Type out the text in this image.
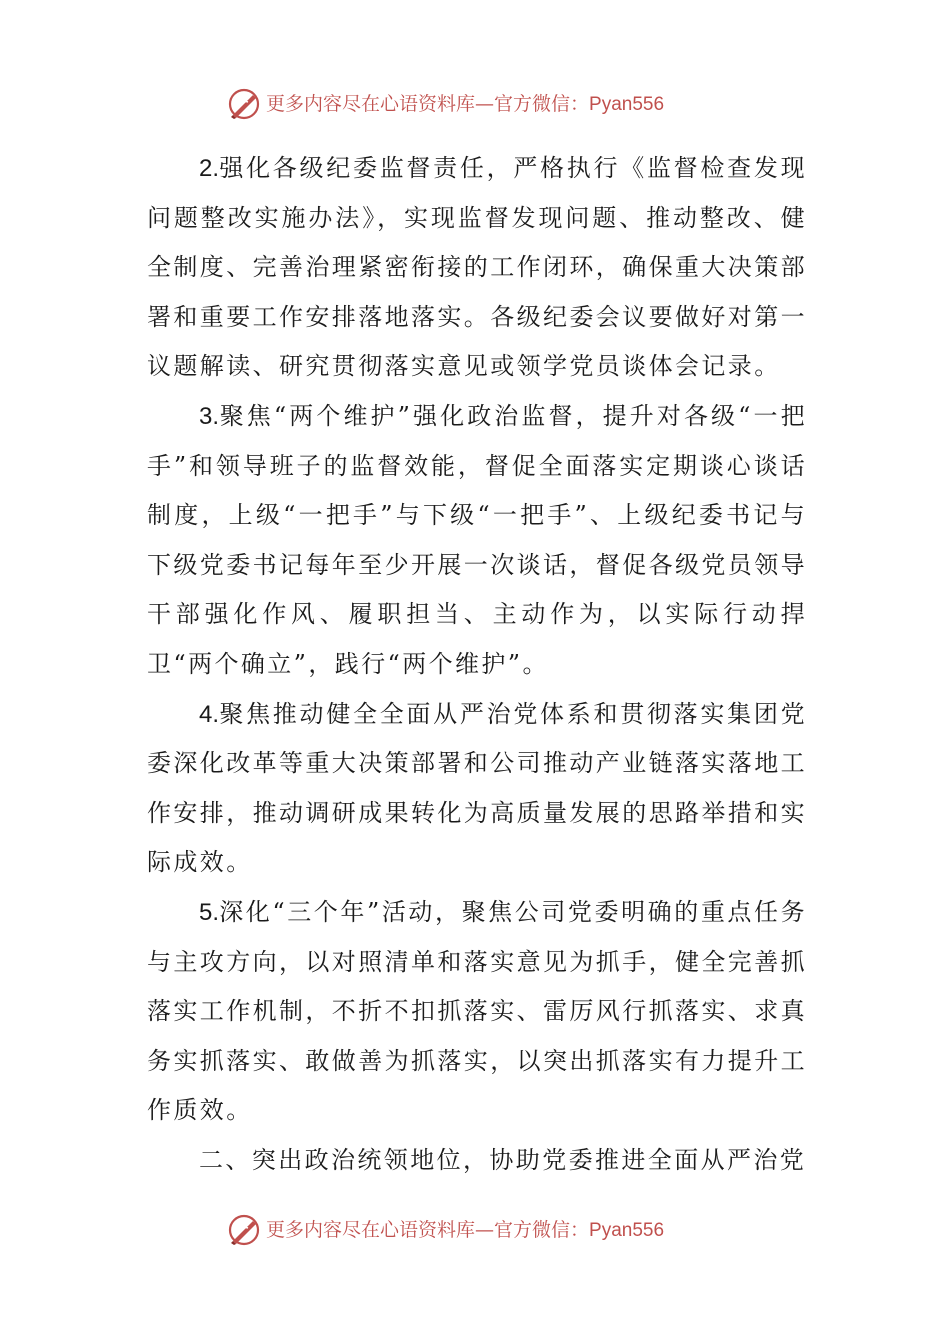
更多内容尽在心语资料库—官方微信：Pyan556

2.强化各级纪委监督责任，严格执行《监督检查发现问题整改实施办法》，实现监督发现问题、推动整改、健全制度、完善治理紧密衔接的工作闭环，确保重大决策部署和重要工作安排落地落实。各级纪委会议要做好对第一议题解读、研究贯彻落实意见或领学党员谈体会记录。

3.聚焦“两个维护”强化政治监督，提升对各级“一把手”和领导班子的监督效能，督促全面落实定期谈心谈话制度，上级“一把手”与下级“一把手”、上级纪委书记与下级党委书记每年至少开展一次谈话，督促各级党员领导干部强化作风、履职担当、主动作为，以实际行动捍卫“两个确立”，践行“两个维护”。

4.聚焦推动健全全面从严治党体系和贯彻落实集团党委深化改革等重大决策部署和公司推动产业链落实落地工作安排，推动调研成果转化为高质量发展的思路举措和实际成效。

5.深化“三个年”活动，聚焦公司党委明确的重点任务与主攻方向，以对照清单和落实意见为抓手，健全完善抓落实工作机制，不折不扣抓落实、雷厉风行抓落实、求真务实抓落实、敢做善为抓落实，以突出抓落实有力提升工作质效。

二、突出政治统领地位，协助党委推进全面从严治党

更多内容尽在心语资料库—官方微信：Pyan556
